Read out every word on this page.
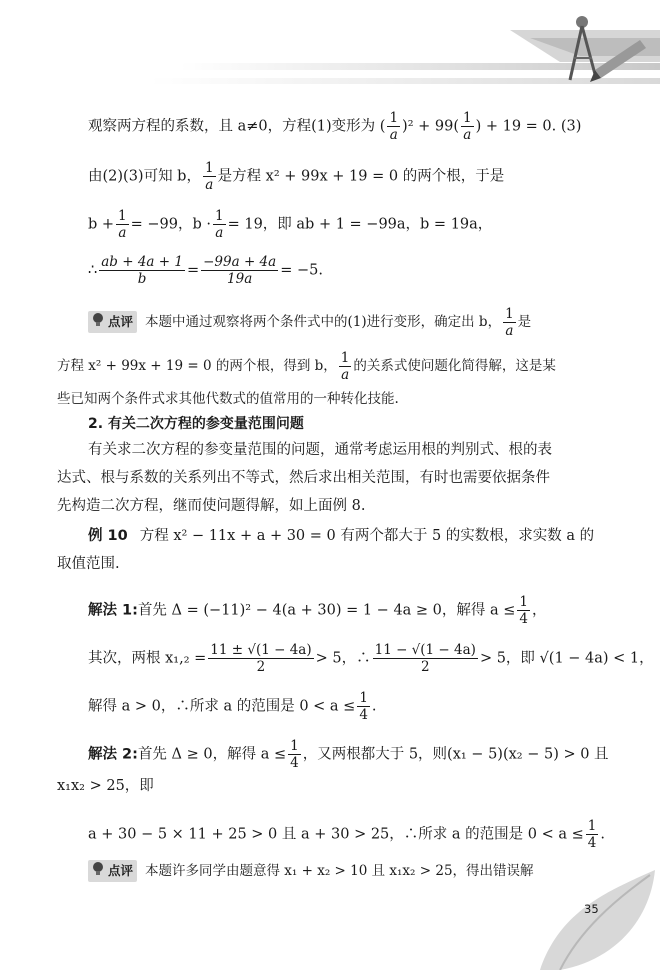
观察两方程的系数，且 a≠0，方程(1)变形为 ( $\frac{1}{a} )^2 + 99( \frac{1}{a}$ ) + 19 = 0. (3)
由(2)(3)可知 b， $\frac{1}{a}$ 是方程 x² + 99x + 19 = 0 的两个根，于是
$b + \frac{1}{a} = -99$，$b \cdot \frac{1}{a} = 19$，即 ab + 1 = −99a，b = 19a，
∴ $\frac{ab + 4a + 1}{b} = \frac{-99a + 4a}{19a} = -5$.
点评 本题中通过观察将两个条件式中的(1)进行变形，确定出 b， $\frac{1}{a}$ 是
方程 x² + 99x + 19 = 0 的两个根，得到 b， $\frac{1}{a}$ 的关系式使问题化简得解，这是某
些已知两个条件式求其他代数式的值常用的一种转化技能.
2. 有关二次方程的参变量范围问题
有关求二次方程的参变量范围的问题，通常考虑运用根的判别式、根的表
达式、根与系数的关系列出不等式，然后求出相关范围，有时也需要依据条件
先构造二次方程，继而使问题得解，如上面例 8.
例 10 方程 x² − 11x + a + 30 = 0 有两个都大于 5 的实数根，求实数 a 的
取值范围.
解法 1:首先 Δ = (−11)² − 4(a + 30) = 1 − 4a ≥ 0，解得 $a \le \frac{1}{4}$ ，
其次，两根 $x_1,_2 = \frac{11 \pm √(1 - 4a)}{2} > 5$，∴ $\frac{11 - √(1 - 4a)}{2} > 5$，即 √(1 − 4a) < 1，
解得 a > 0，∴所求 a 的范围是 $0 < a \le \frac{1}{4}$ .
解法 2:首先 Δ ≥ 0，解得 $a \le \frac{1}{4}$ ，又两根都大于 5，则(x₁ − 5)(x₂ − 5) > 0 且
x₁x₂ > 25，即
a + 30 − 5 × 11 + 25 > 0 且 a + 30 > 25，∴所求 a 的范围是 $0 < a \le \frac{1}{4}$ .
点评 本题许多同学由题意得 x₁ + x₂ > 10 且 x₁x₂ > 25，得出错误解
35
